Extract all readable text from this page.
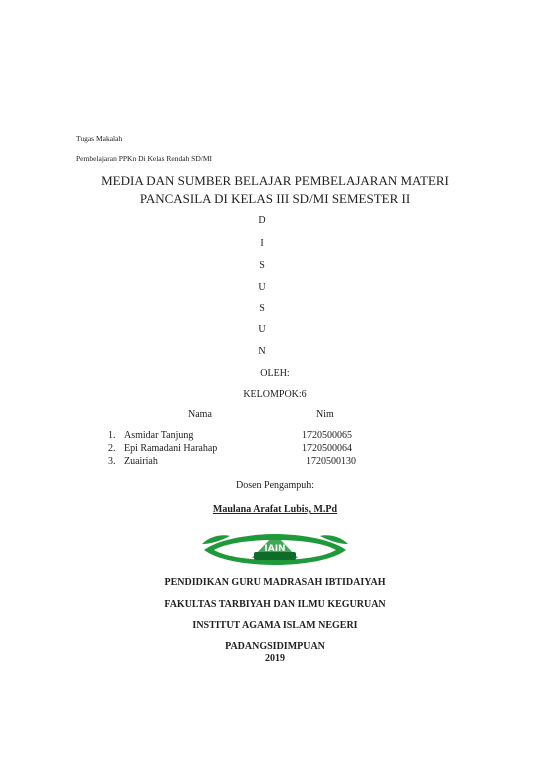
Tugas Makalah
Pembelajaran PPKn Di Kelas Rendah SD/MI
MEDIA DAN SUMBER BELAJAR PEMBELAJARAN MATERI
PANCASILA DI KELAS III SD/MI SEMESTER II
D
I
S
U
S
U
N
OLEH:
KELOMPOK:6
Nama	Nim
1. Asmidar Tanjung	1720500065
2. Epi Ramadani Harahap	1720500064
3. Zuairiah	1720500130
Dosen Pengampuh:
Maulana Arafat Lubis, M.Pd
IAIN
PENDIDIKAN GURU MADRASAH IBTIDAIYAH
FAKULTAS TARBIYAH DAN ILMU KEGURUAN
INSTITUT AGAMA ISLAM NEGERI
PADANGSIDIMPUAN
2019
